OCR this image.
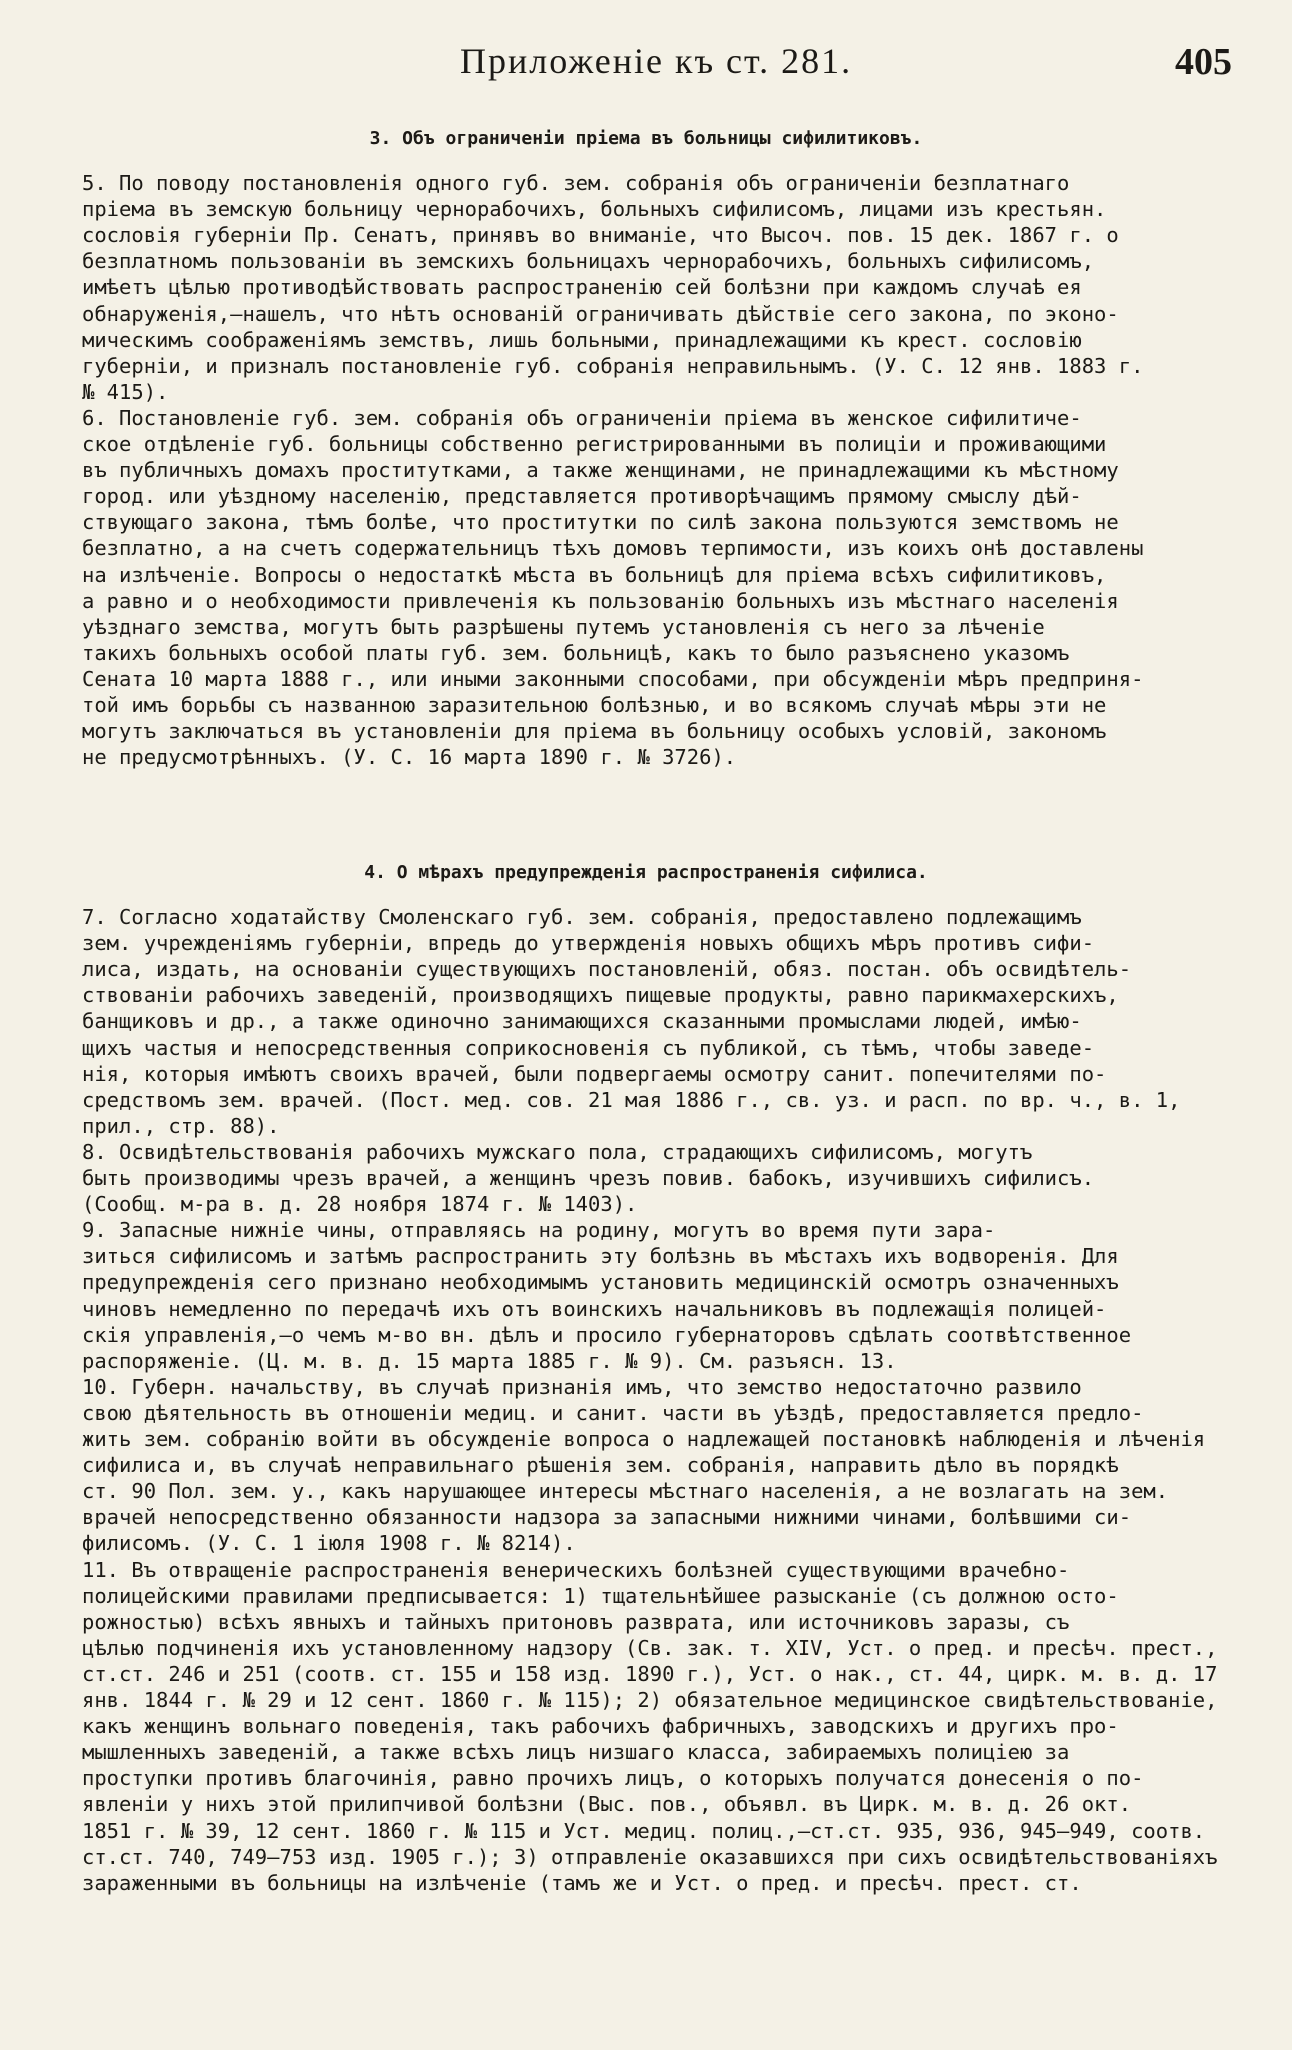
Приложеніе къ ст. 281.	405
3. Объ ограниченіи пріема въ больницы сифилитиковъ.
5. По поводу постановленія одного губ. зем. собранія объ ограниченіи безплатнаго
пріема въ земскую больницу чернорабочихъ, больныхъ сифилисомъ, лицами изъ крестьян.
сословія губерніи Пр. Сенатъ, принявъ во вниманіе, что Высоч. пов. 15 дек. 1867 г. о
безплатномъ пользованіи въ земскихъ больницахъ чернорабочихъ, больныхъ сифилисомъ,
имѣетъ цѣлью противодѣйствовать распространенію сей болѣзни при каждомъ случаѣ ея
обнаруженія,—нашелъ, что нѣтъ основаній ограничивать дѣйствіе сего закона, по эконо-
мическимъ соображеніямъ земствъ, лишь больными, принадлежащими къ крест. сословію
губерніи, и призналъ постановленіе губ. собранія неправильнымъ. (У. С. 12 янв. 1883 г.
№ 415).
6. Постановленіе губ. зем. собранія объ ограниченіи пріема въ женское сифилитиче-
ское отдѣленіе губ. больницы собственно регистрированными въ полиціи и проживающими
въ публичныхъ домахъ проститутками, а также женщинами, не принадлежащими къ мѣстному
город. или уѣздному населенію, представляется противорѣчащимъ прямому смыслу дѣй-
ствующаго закона, тѣмъ болѣе, что проститутки по силѣ закона пользуются земствомъ не
безплатно, а на счетъ содержательницъ тѣхъ домовъ терпимости, изъ коихъ онѣ доставлены
на излѣченіе. Вопросы о недостаткѣ мѣста въ больницѣ для пріема всѣхъ сифилитиковъ,
а равно и о необходимости привлеченія къ пользованію больныхъ изъ мѣстнаго населенія
уѣзднаго земства, могутъ быть разрѣшены путемъ установленія съ него за лѣченіе
такихъ больныхъ особой платы губ. зем. больницѣ, какъ то было разъяснено указомъ
Сената 10 марта 1888 г., или иными законными способами, при обсужденіи мѣръ предприня-
той имъ борьбы съ названною заразительною болѣзнью, и во всякомъ случаѣ мѣры эти не
могутъ заключаться въ установленіи для пріема въ больницу особыхъ условій, закономъ
не предусмотрѣнныхъ. (У. С. 16 марта 1890 г. № 3726).
4. О мѣрахъ предупрежденія распространенія сифилиса.
7. Согласно ходатайству Смоленскаго губ. зем. собранія, предоставлено подлежащимъ
зем. учрежденіямъ губерніи, впредь до утвержденія новыхъ общихъ мѣръ противъ сифи-
лиса, издать, на основаніи существующихъ постановленій, обяз. постан. объ освидѣтель-
ствованіи рабочихъ заведеній, производящихъ пищевые продукты, равно парикмахерскихъ,
банщиковъ и др., а также одиночно занимающихся сказанными промыслами людей, имѣю-
щихъ частыя и непосредственныя соприкосновенія съ публикой, съ тѣмъ, чтобы заведе-
нія, которыя имѣютъ своихъ врачей, были подвергаемы осмотру санит. попечителями по-
средствомъ зем. врачей. (Пост. мед. сов. 21 мая 1886 г., св. уз. и расп. по вр. ч., в. 1,
прил., стр. 88).
8. Освидѣтельствованія рабочихъ мужскаго пола, страдающихъ сифилисомъ, могутъ
быть производимы чрезъ врачей, а женщинъ чрезъ повив. бабокъ, изучившихъ сифилисъ.
(Сообщ. м-ра в. д. 28 ноября 1874 г. № 1403).
9. Запасные нижніе чины, отправляясь на родину, могутъ во время пути зара-
зиться сифилисомъ и затѣмъ распространить эту болѣзнь въ мѣстахъ ихъ водворенія. Для
предупрежденія сего признано необходимымъ установить медицинскій осмотръ означенныхъ
чиновъ немедленно по передачѣ ихъ отъ воинскихъ начальниковъ въ подлежащія полицей-
скія управленія,—о чемъ м-во вн. дѣлъ и просило губернаторовъ сдѣлать соотвѣтственное
распоряженіе. (Ц. м. в. д. 15 марта 1885 г. № 9). См. разъясн. 13.
10. Губерн. начальству, въ случаѣ признанія имъ, что земство недостаточно развило
свою дѣятельность въ отношеніи медиц. и санит. части въ уѣздѣ, предоставляется предло-
жить зем. собранію войти въ обсужденіе вопроса о надлежащей постановкѣ наблюденія и лѣченія
сифилиса и, въ случаѣ неправильнаго рѣшенія зем. собранія, направить дѣло въ порядкѣ
ст. 90 Пол. зем. у., какъ нарушающее интересы мѣстнаго населенія, а не возлагать на зем.
врачей непосредственно обязанности надзора за запасными нижними чинами, болѣвшими си-
филисомъ. (У. С. 1 іюля 1908 г. № 8214).
11. Въ отвращеніе распространенія венерическихъ болѣзней существующими врачебно-
полицейскими правилами предписывается: 1) тщательнѣйшее разысканіе (съ должною осто-
рожностью) всѣхъ явныхъ и тайныхъ притоновъ разврата, или источниковъ заразы, съ
цѣлью подчиненія ихъ установленному надзору (Св. зак. т. XIV, Уст. о пред. и пресѣч. прест.,
ст.ст. 246 и 251 (соотв. ст. 155 и 158 изд. 1890 г.), Уст. о нак., ст. 44, цирк. м. в. д. 17
янв. 1844 г. № 29 и 12 сент. 1860 г. № 115); 2) обязательное медицинское свидѣтельствованіе,
какъ женщинъ вольнаго поведенія, такъ рабочихъ фабричныхъ, заводскихъ и другихъ про-
мышленныхъ заведеній, а также всѣхъ лицъ низшаго класса, забираемыхъ полиціею за
проступки противъ благочинія, равно прочихъ лицъ, о которыхъ получатся донесенія о по-
явленіи у нихъ этой прилипчивой болѣзни (Выс. пов., объявл. въ Цирк. м. в. д. 26 окт.
1851 г. № 39, 12 сент. 1860 г. № 115 и Уст. медиц. полиц.,—ст.ст. 935, 936, 945—949, соотв.
ст.ст. 740, 749—753 изд. 1905 г.); 3) отправленіе оказавшихся при сихъ освидѣтельствованіяхъ
зараженными въ больницы на излѣченіе (тамъ же и Уст. о пред. и пресѣч. прест. ст.
